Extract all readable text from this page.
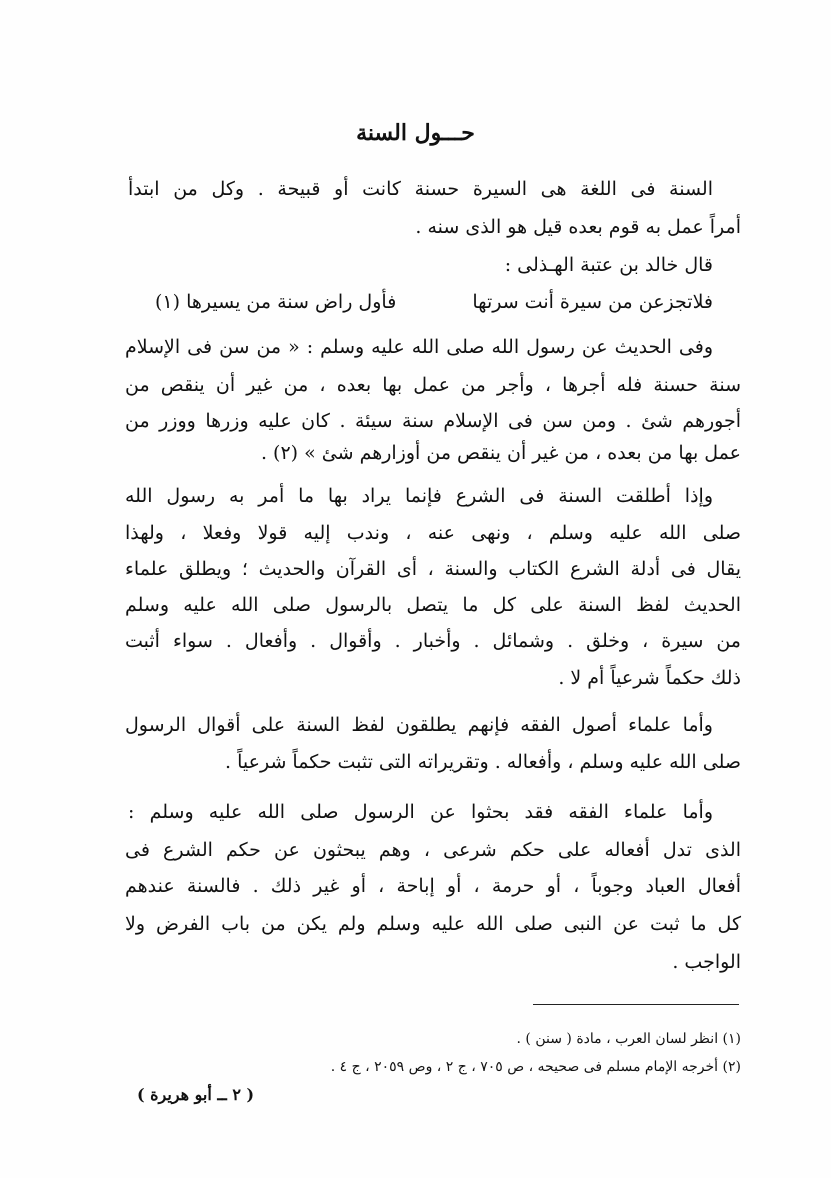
حـــول السنة
السنة فى اللغة هى السيرة حسنة كانت أو قبيحة . وكل من ابتدأ
أمراً عمل به قوم بعده قيل هو الذى سنه .
قال خالد بن عتبة الهـذلى :
فلاتجزعن من سيرة أنت سرتها
فأول راض سنة من يسيرها (١)
وفى الحديث عن رسول الله صلى الله عليه وسلم : « من سن فى الإسلام
سنة حسنة فله أجرها ، وأجر من عمل بها بعده ، من غير أن ينقص من
أجورهم شئ . ومن سن فى الإسلام سنة سيئة . كان عليه وزرها ووزر من
عمل بها من بعده ، من غير أن ينقص من أوزارهم شئ » (٢) .
وإذا أطلقت السنة فى الشرع فإنما يراد بها ما أمر به رسول الله
صلى الله عليه وسلم ، ونهى عنه ، وندب إليه قولا وفعلا ، ولهذا
يقال فى أدلة الشرع الكتاب والسنة ، أى القرآن والحديث ؛ ويطلق علماء
الحديث لفظ السنة على كل ما يتصل بالرسول صلى الله عليه وسلم
من سيرة ، وخلق . وشمائل . وأخبار . وأقوال . وأفعال . سواء أثبت
ذلك حكماً شرعياً أم لا .
وأما علماء أصول الفقه فإنهم يطلقون لفظ السنة على أقوال الرسول
صلى الله عليه وسلم ، وأفعاله . وتقريراته التى تثبت حكماً شرعياً .
وأما علماء الفقه فقد بحثوا عن الرسول صلى الله عليه وسلم :
الذى تدل أفعاله على حكم شرعى ، وهم يبحثون عن حكم الشرع فى
أفعال العباد وجوباً ، أو حرمة ، أو إباحة ، أو غير ذلك . فالسنة عندهم
كل ما ثبت عن النبى صلى الله عليه وسلم ولم يكن من باب الفرض ولا
الواجب .
(١) انظر لسان العرب ، مادة ( سنن ) .
(٢) أخرجه الإمام مسلم فى صحيحه ، ص ٧٠٥ ، ج ٢ ، وص ٢٠٥٩ ، ج ٤ .
( ٢ ــ أبو هريرة )
